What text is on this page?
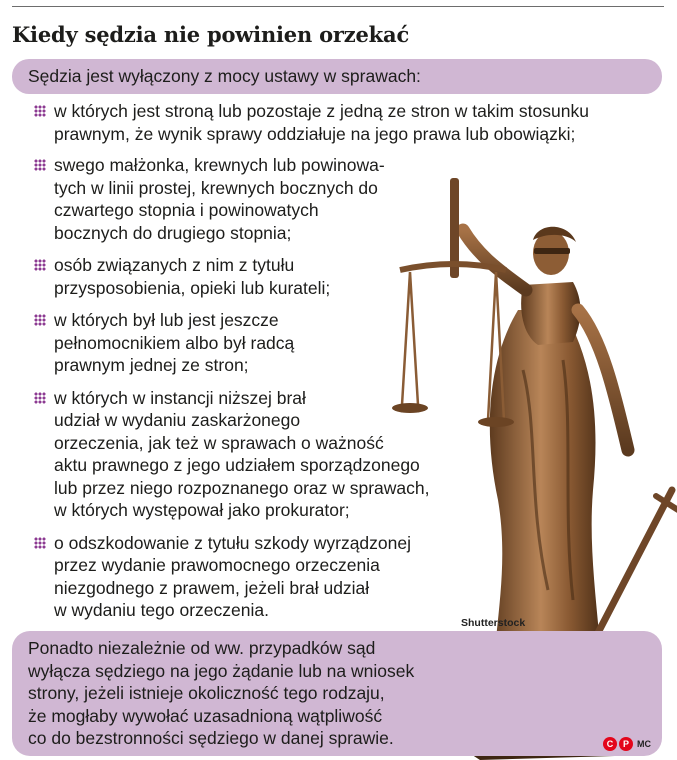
Kiedy sędzia nie powinien orzekać
Sędzia jest wyłączony z mocy ustawy w sprawach:
w których jest stroną lub pozostaje z jedną ze stron w takim stosunku
prawnym, że wynik sprawy oddziałuje na jego prawa lub obowiązki;
swego małżonka, krewnych lub powinowa-
tych w linii prostej, krewnych bocznych do
czwartego stopnia i powinowatych
bocznych do drugiego stopnia;
osób związanych z nim z tytułu
przysposobienia, opieki lub kurateli;
w których był lub jest jeszcze
pełnomocnikiem albo był radcą
prawnym jednej ze stron;
w których w instancji niższej brał
udział w wydaniu zaskarżonego
orzeczenia, jak też w sprawach o ważność
aktu prawnego z jego udziałem sporządzonego
lub przez niego rozpoznanego oraz w sprawach,
w których występował jako prokurator;
o odszkodowanie z tytułu szkody wyrządzonej
przez wydanie prawomocnego orzeczenia
niezgodnego z prawem, jeżeli brał udział
w wydaniu tego orzeczenia.
Shutterstock
Ponadto niezależnie od ww. przypadków sąd
wyłącza sędziego na jego żądanie lub na wniosek
strony, jeżeli istnieje okoliczność tego rodzaju,
że mogłaby wywołać uzasadnioną wątpliwość
co do bezstronności sędziego w danej sprawie.	C	P MC
